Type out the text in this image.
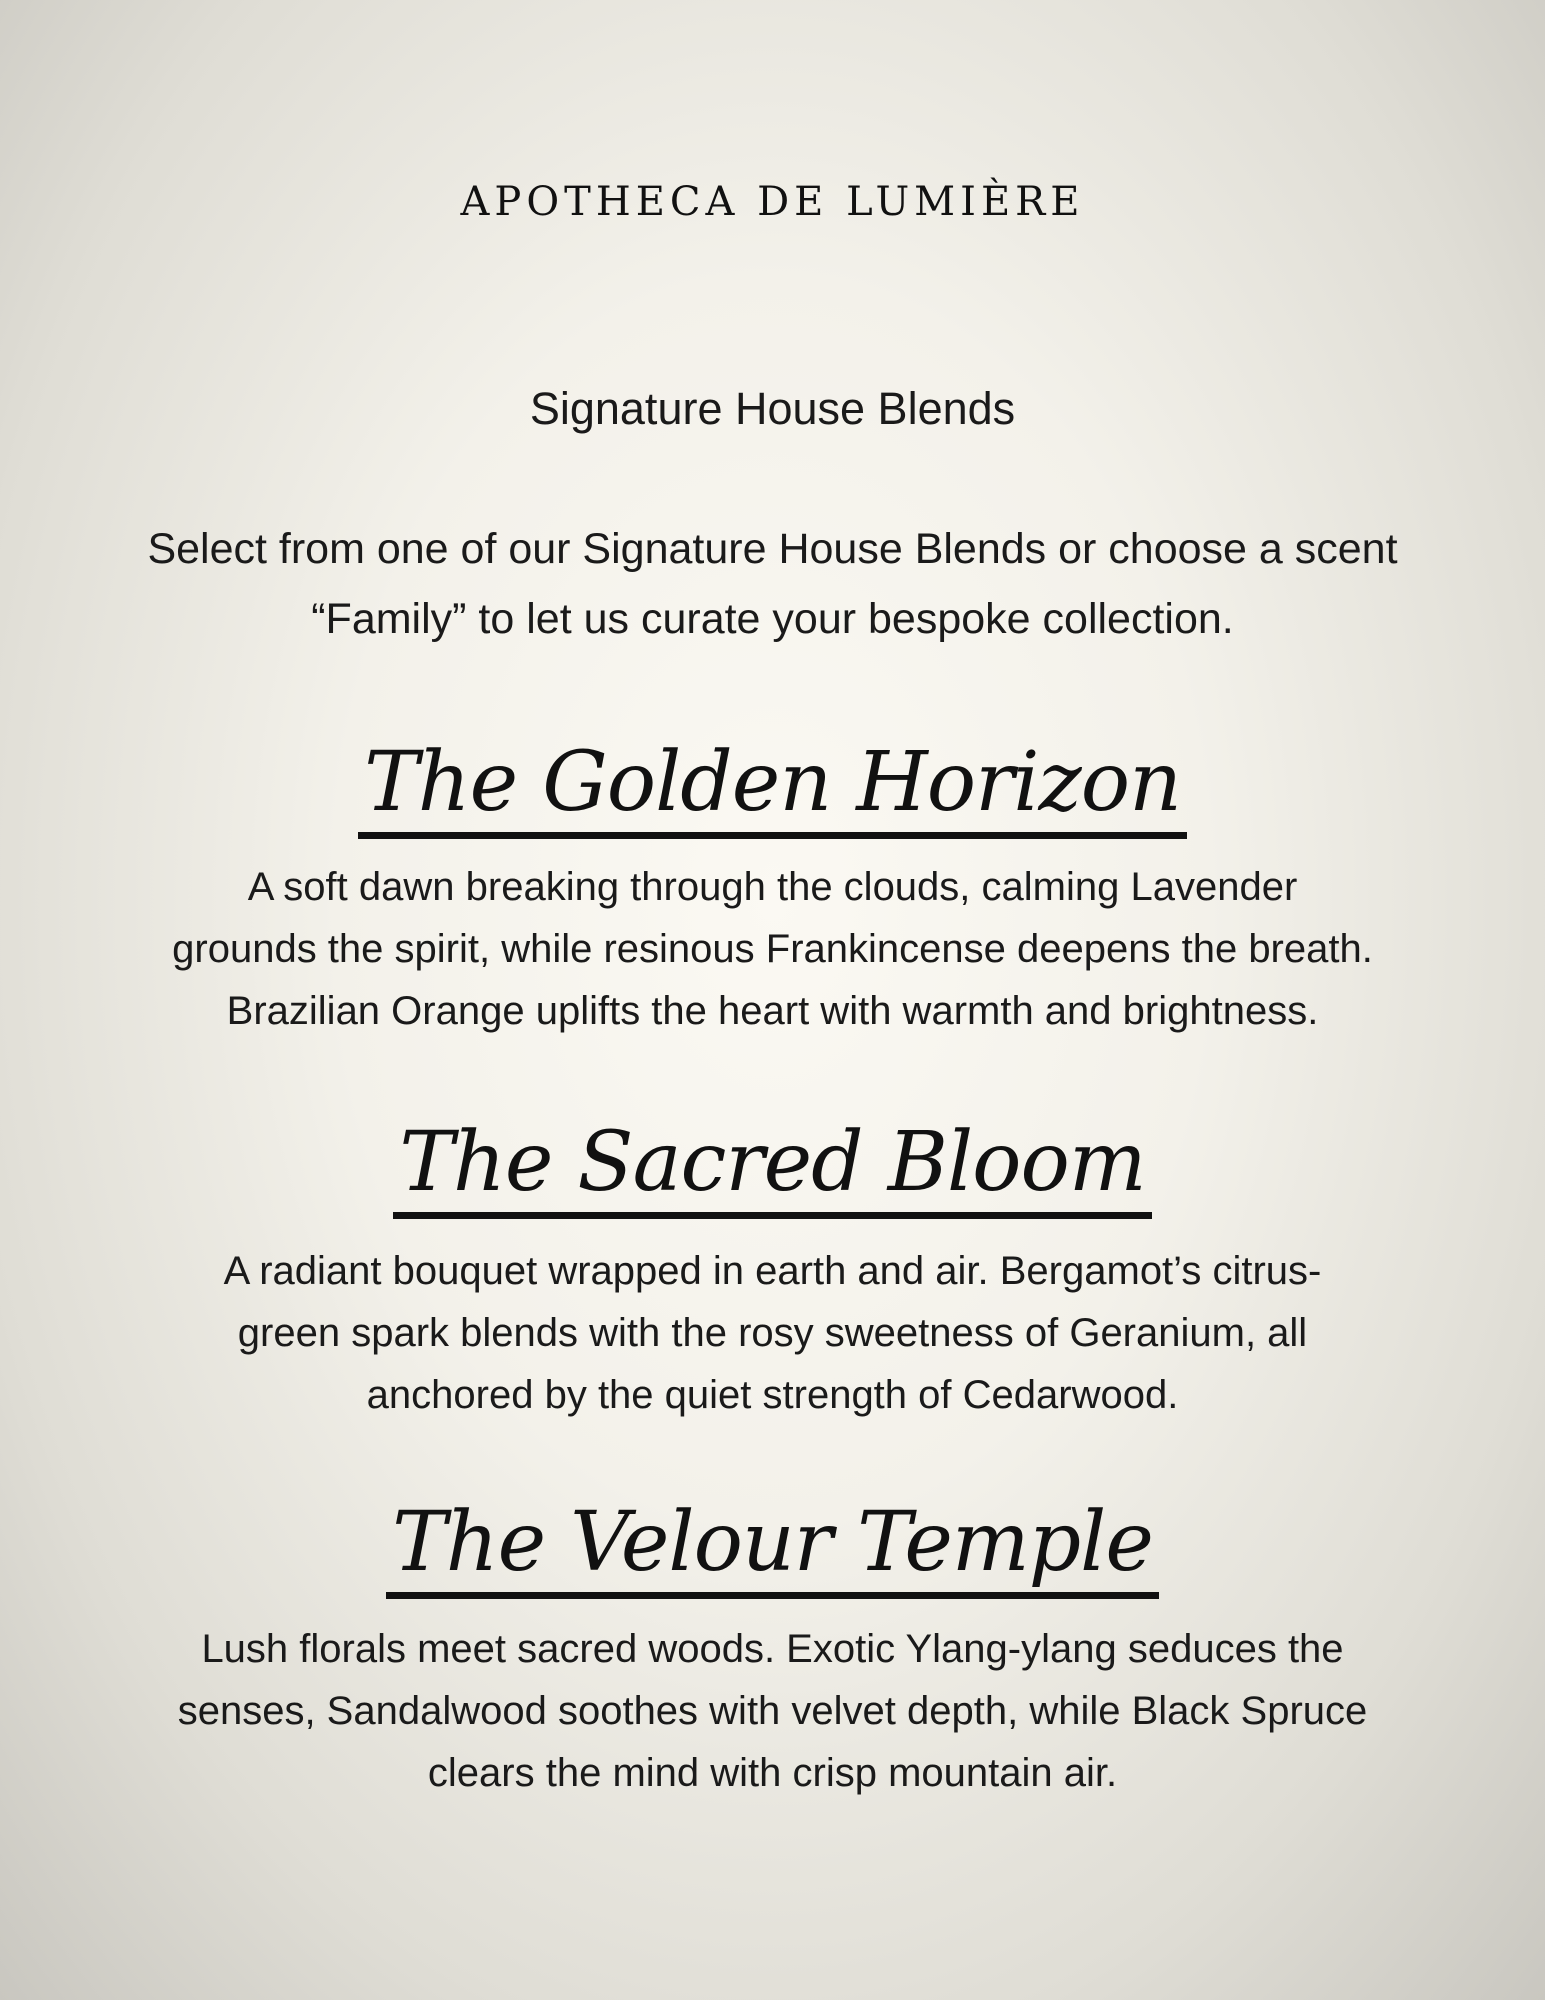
APOTHECA DE LUMIÈRE
Signature House Blends

Select from one of our Signature House Blends or choose a scent
“Family” to let us curate your bespoke collection.

The Golden Horizon

A soft dawn breaking through the clouds, calming Lavender
grounds the spirit, while resinous Frankincense deepens the breath.
Brazilian Orange uplifts the heart with warmth and brightness.

The Sacred Bloom

A radiant bouquet wrapped in earth and air. Bergamot’s citrus-
green spark blends with the rosy sweetness of Geranium, all
anchored by the quiet strength of Cedarwood.

The Velour Temple

Lush florals meet sacred woods. Exotic Ylang-ylang seduces the
senses, Sandalwood soothes with velvet depth, while Black Spruce
clears the mind with crisp mountain air.
